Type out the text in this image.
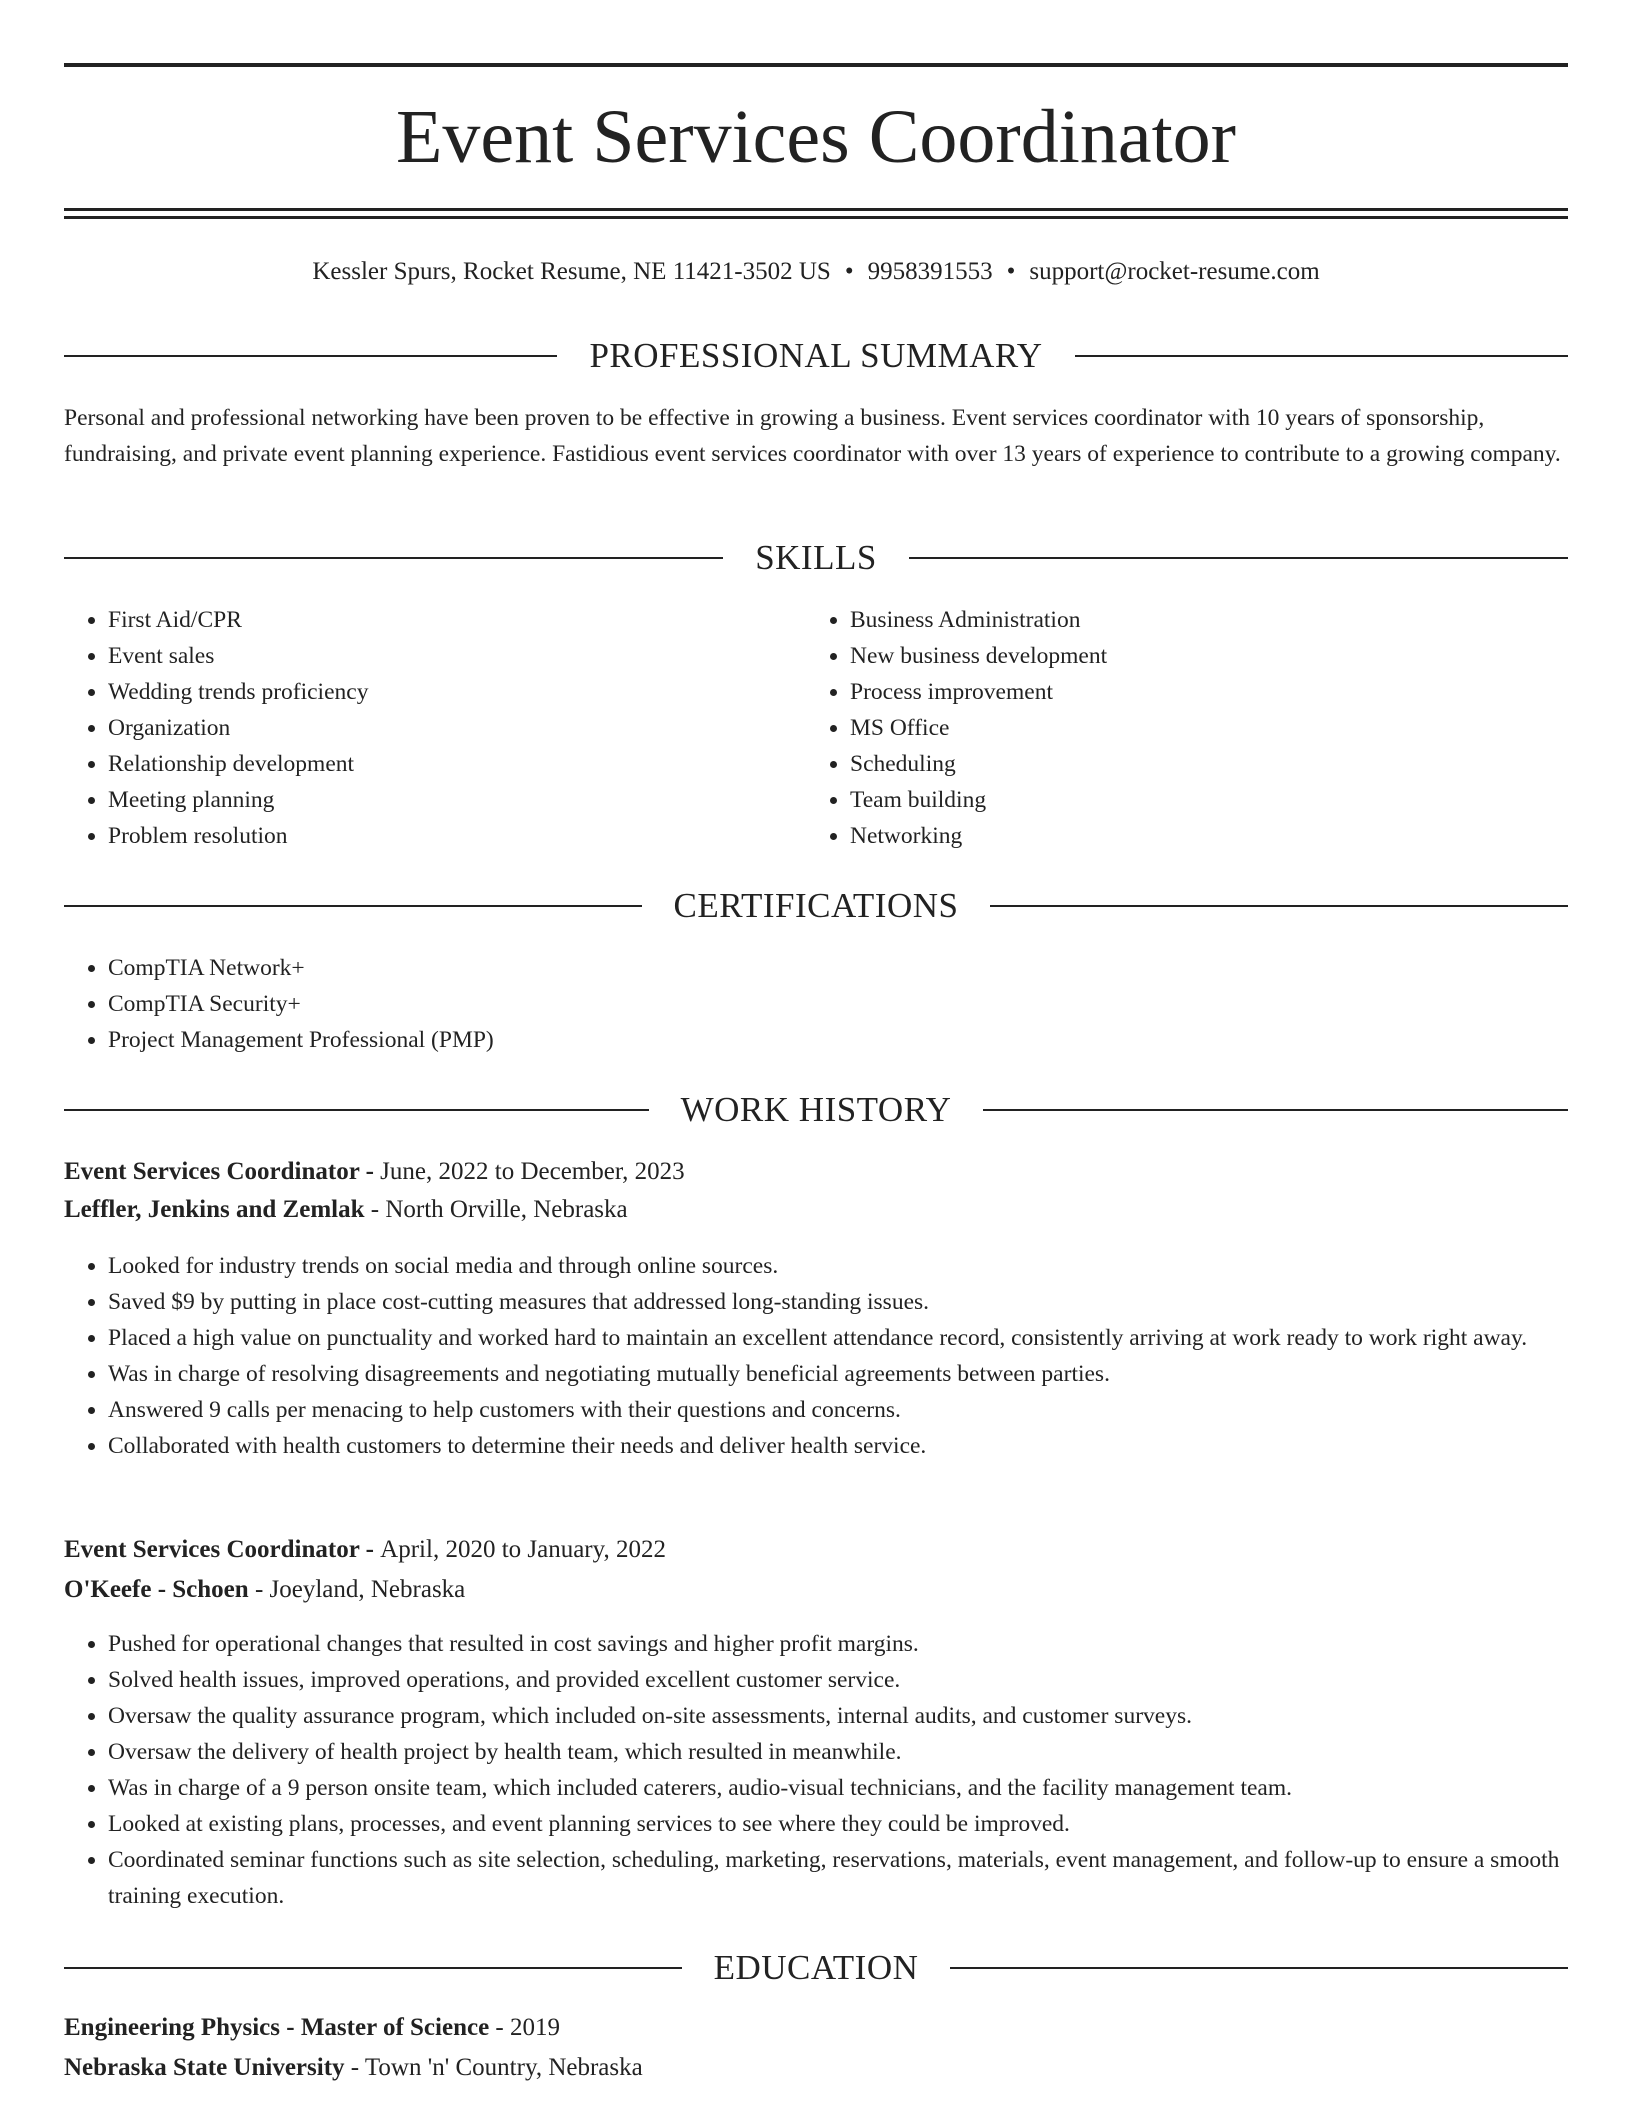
Event Services Coordinator
Kessler Spurs, Rocket Resume, NE 11421-3502 US • 9958391553 • support@rocket-resume.com
PROFESSIONAL SUMMARY
Personal and professional networking have been proven to be effective in growing a business. Event services coordinator with 10 years of sponsorship, fundraising, and private event planning experience. Fastidious event services coordinator with over 13 years of experience to contribute to a growing company.
SKILLS
• First Aid/CPR
• Event sales
• Wedding trends proficiency
• Organization
• Relationship development
• Meeting planning
• Problem resolution
• Business Administration
• New business development
• Process improvement
• MS Office
• Scheduling
• Team building
• Networking
CERTIFICATIONS
• CompTIA Network+
• CompTIA Security+
• Project Management Professional (PMP)
WORK HISTORY
Event Services Coordinator - June, 2022 to December, 2023
Leffler, Jenkins and Zemlak - North Orville, Nebraska
• Looked for industry trends on social media and through online sources.
• Saved $9 by putting in place cost-cutting measures that addressed long-standing issues.
• Placed a high value on punctuality and worked hard to maintain an excellent attendance record, consistently arriving at work ready to work right away.
• Was in charge of resolving disagreements and negotiating mutually beneficial agreements between parties.
• Answered 9 calls per menacing to help customers with their questions and concerns.
• Collaborated with health customers to determine their needs and deliver health service.
Event Services Coordinator - April, 2020 to January, 2022
O'Keefe - Schoen - Joeyland, Nebraska
• Pushed for operational changes that resulted in cost savings and higher profit margins.
• Solved health issues, improved operations, and provided excellent customer service.
• Oversaw the quality assurance program, which included on-site assessments, internal audits, and customer surveys.
• Oversaw the delivery of health project by health team, which resulted in meanwhile.
• Was in charge of a 9 person onsite team, which included caterers, audio-visual technicians, and the facility management team.
• Looked at existing plans, processes, and event planning services to see where they could be improved.
• Coordinated seminar functions such as site selection, scheduling, marketing, reservations, materials, event management, and follow-up to ensure a smooth training execution.
EDUCATION
Engineering Physics - Master of Science - 2019
Nebraska State University - Town 'n' Country, Nebraska
